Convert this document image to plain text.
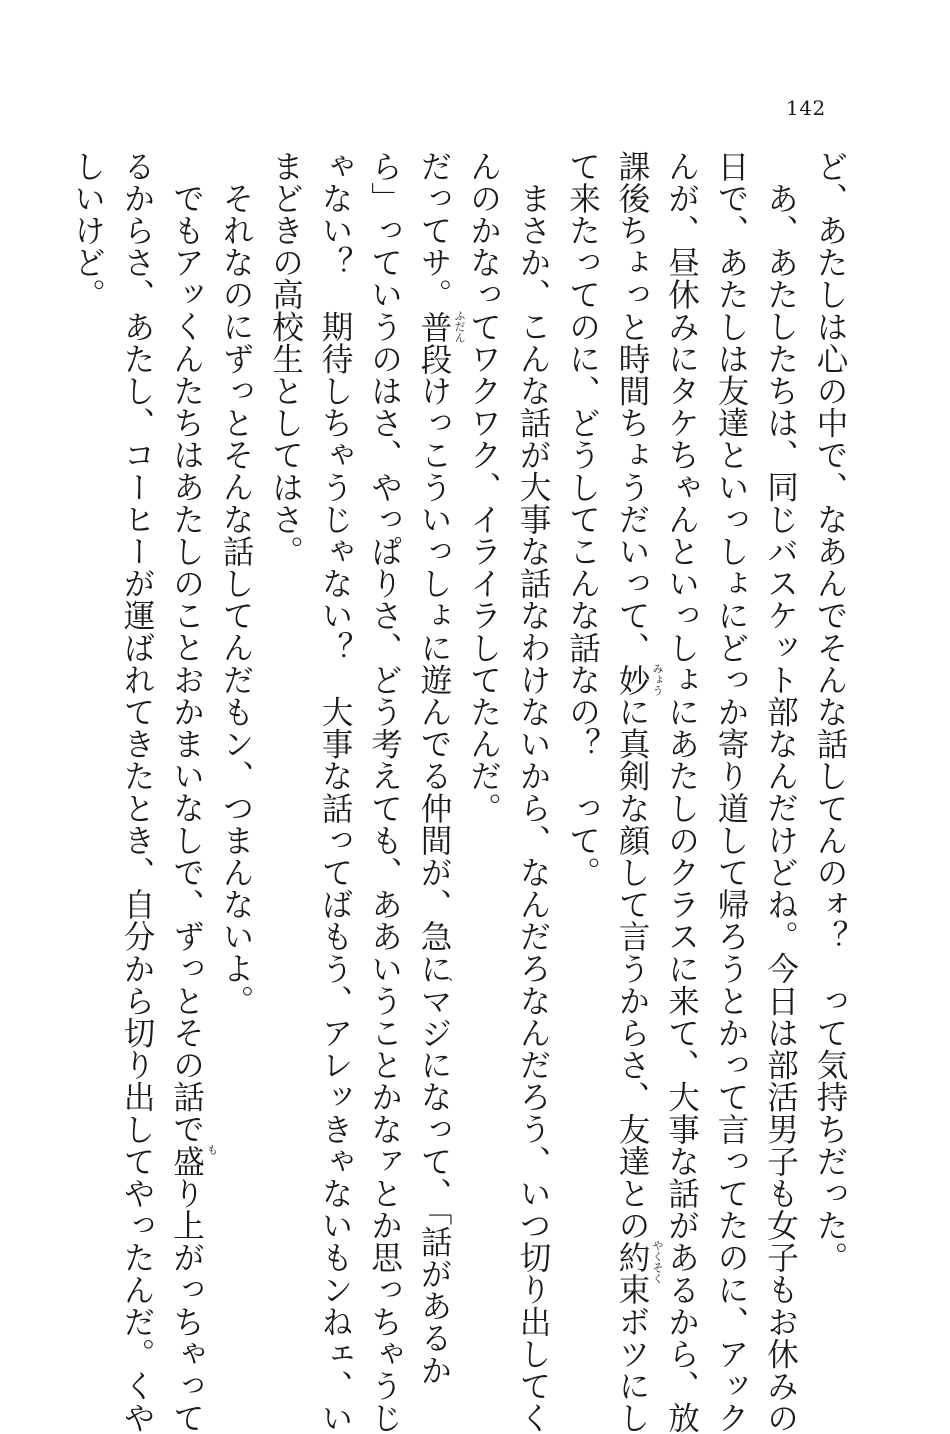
142
ど、あたしは心の中で、なあんでそんな話してんのォ？　って気持ちだった。
あ、あたしたちは、同じバスケット部なんだけどね。今日は部活男子も女子もお休みの
日で、あたしは友達といっしょにどっか寄り道して帰ろうとかって言ってたのに、アック
んが、昼休みにタケちゃんといっしょにあたしのクラスに来て、大事な話があるから、放
課後ちょっと時間ちょうだいって、妙 みょう
に真剣な顔して言うからさ、友達との約束 やくそく
ボツにし
て来たってのに、どうしてこんな話なの？　って。
まさか、こんな話が大事な話なわけないから、なんだろなんだろう、いつ切り出してく
んのかなってワクワク、イライラしてたんだ。
だってサ。普段 ふだん
けっこういっしょに遊んでる仲間が、急にマジ 、になって、「話があるか
ら」っていうのはさ、やっぱりさ、どう考えても、ああいうことかなァとか思っちゃうじ
ゃない？　期待しちゃうじゃない？　大事な話ってばもう、アレッきゃないもンねェ、い
まどきの高校生としてはさ。
それなのにずっとそんな話してんだもン、つまんないよ。
でもアッくんたちはあたしのことおかまいなしで、ずっとその話で盛 も
り上がっちゃって
るからさ、あたし、コーヒーが運ばれてきたとき、自分から切り出してやったんだ。くや
しいけど。
